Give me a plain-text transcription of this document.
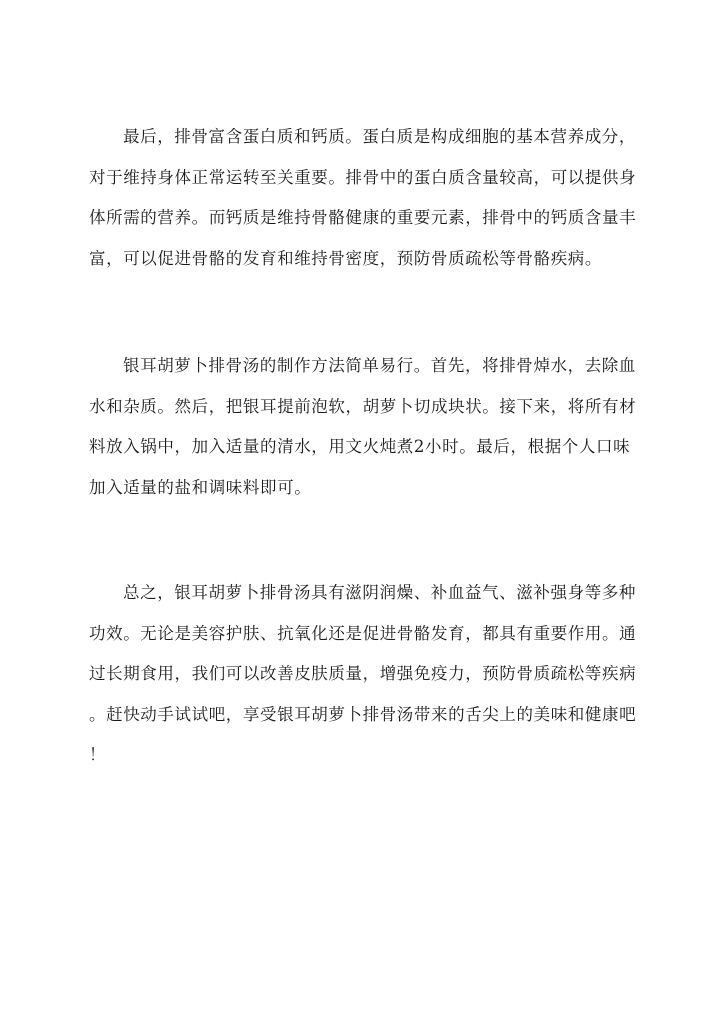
最后，排骨富含蛋白质和钙质。蛋白质是构成细胞的基本营养成分，
对于维持身体正常运转至关重要。排骨中的蛋白质含量较高，可以提供身
体所需的营养。而钙质是维持骨骼健康的重要元素，排骨中的钙质含量丰
富，可以促进骨骼的发育和维持骨密度，预防骨质疏松等骨骼疾病。

银耳胡萝卜排骨汤的制作方法简单易行。首先，将排骨焯水，去除血
水和杂质。然后，把银耳提前泡软，胡萝卜切成块状。接下来，将所有材
料放入锅中，加入适量的清水，用文火炖煮2小时。最后，根据个人口味
加入适量的盐和调味料即可。

总之，银耳胡萝卜排骨汤具有滋阴润燥、补血益气、滋补强身等多种
功效。无论是美容护肤、抗氧化还是促进骨骼发育，都具有重要作用。通
过长期食用，我们可以改善皮肤质量，增强免疫力，预防骨质疏松等疾病
。赶快动手试试吧，享受银耳胡萝卜排骨汤带来的舌尖上的美味和健康吧
！
